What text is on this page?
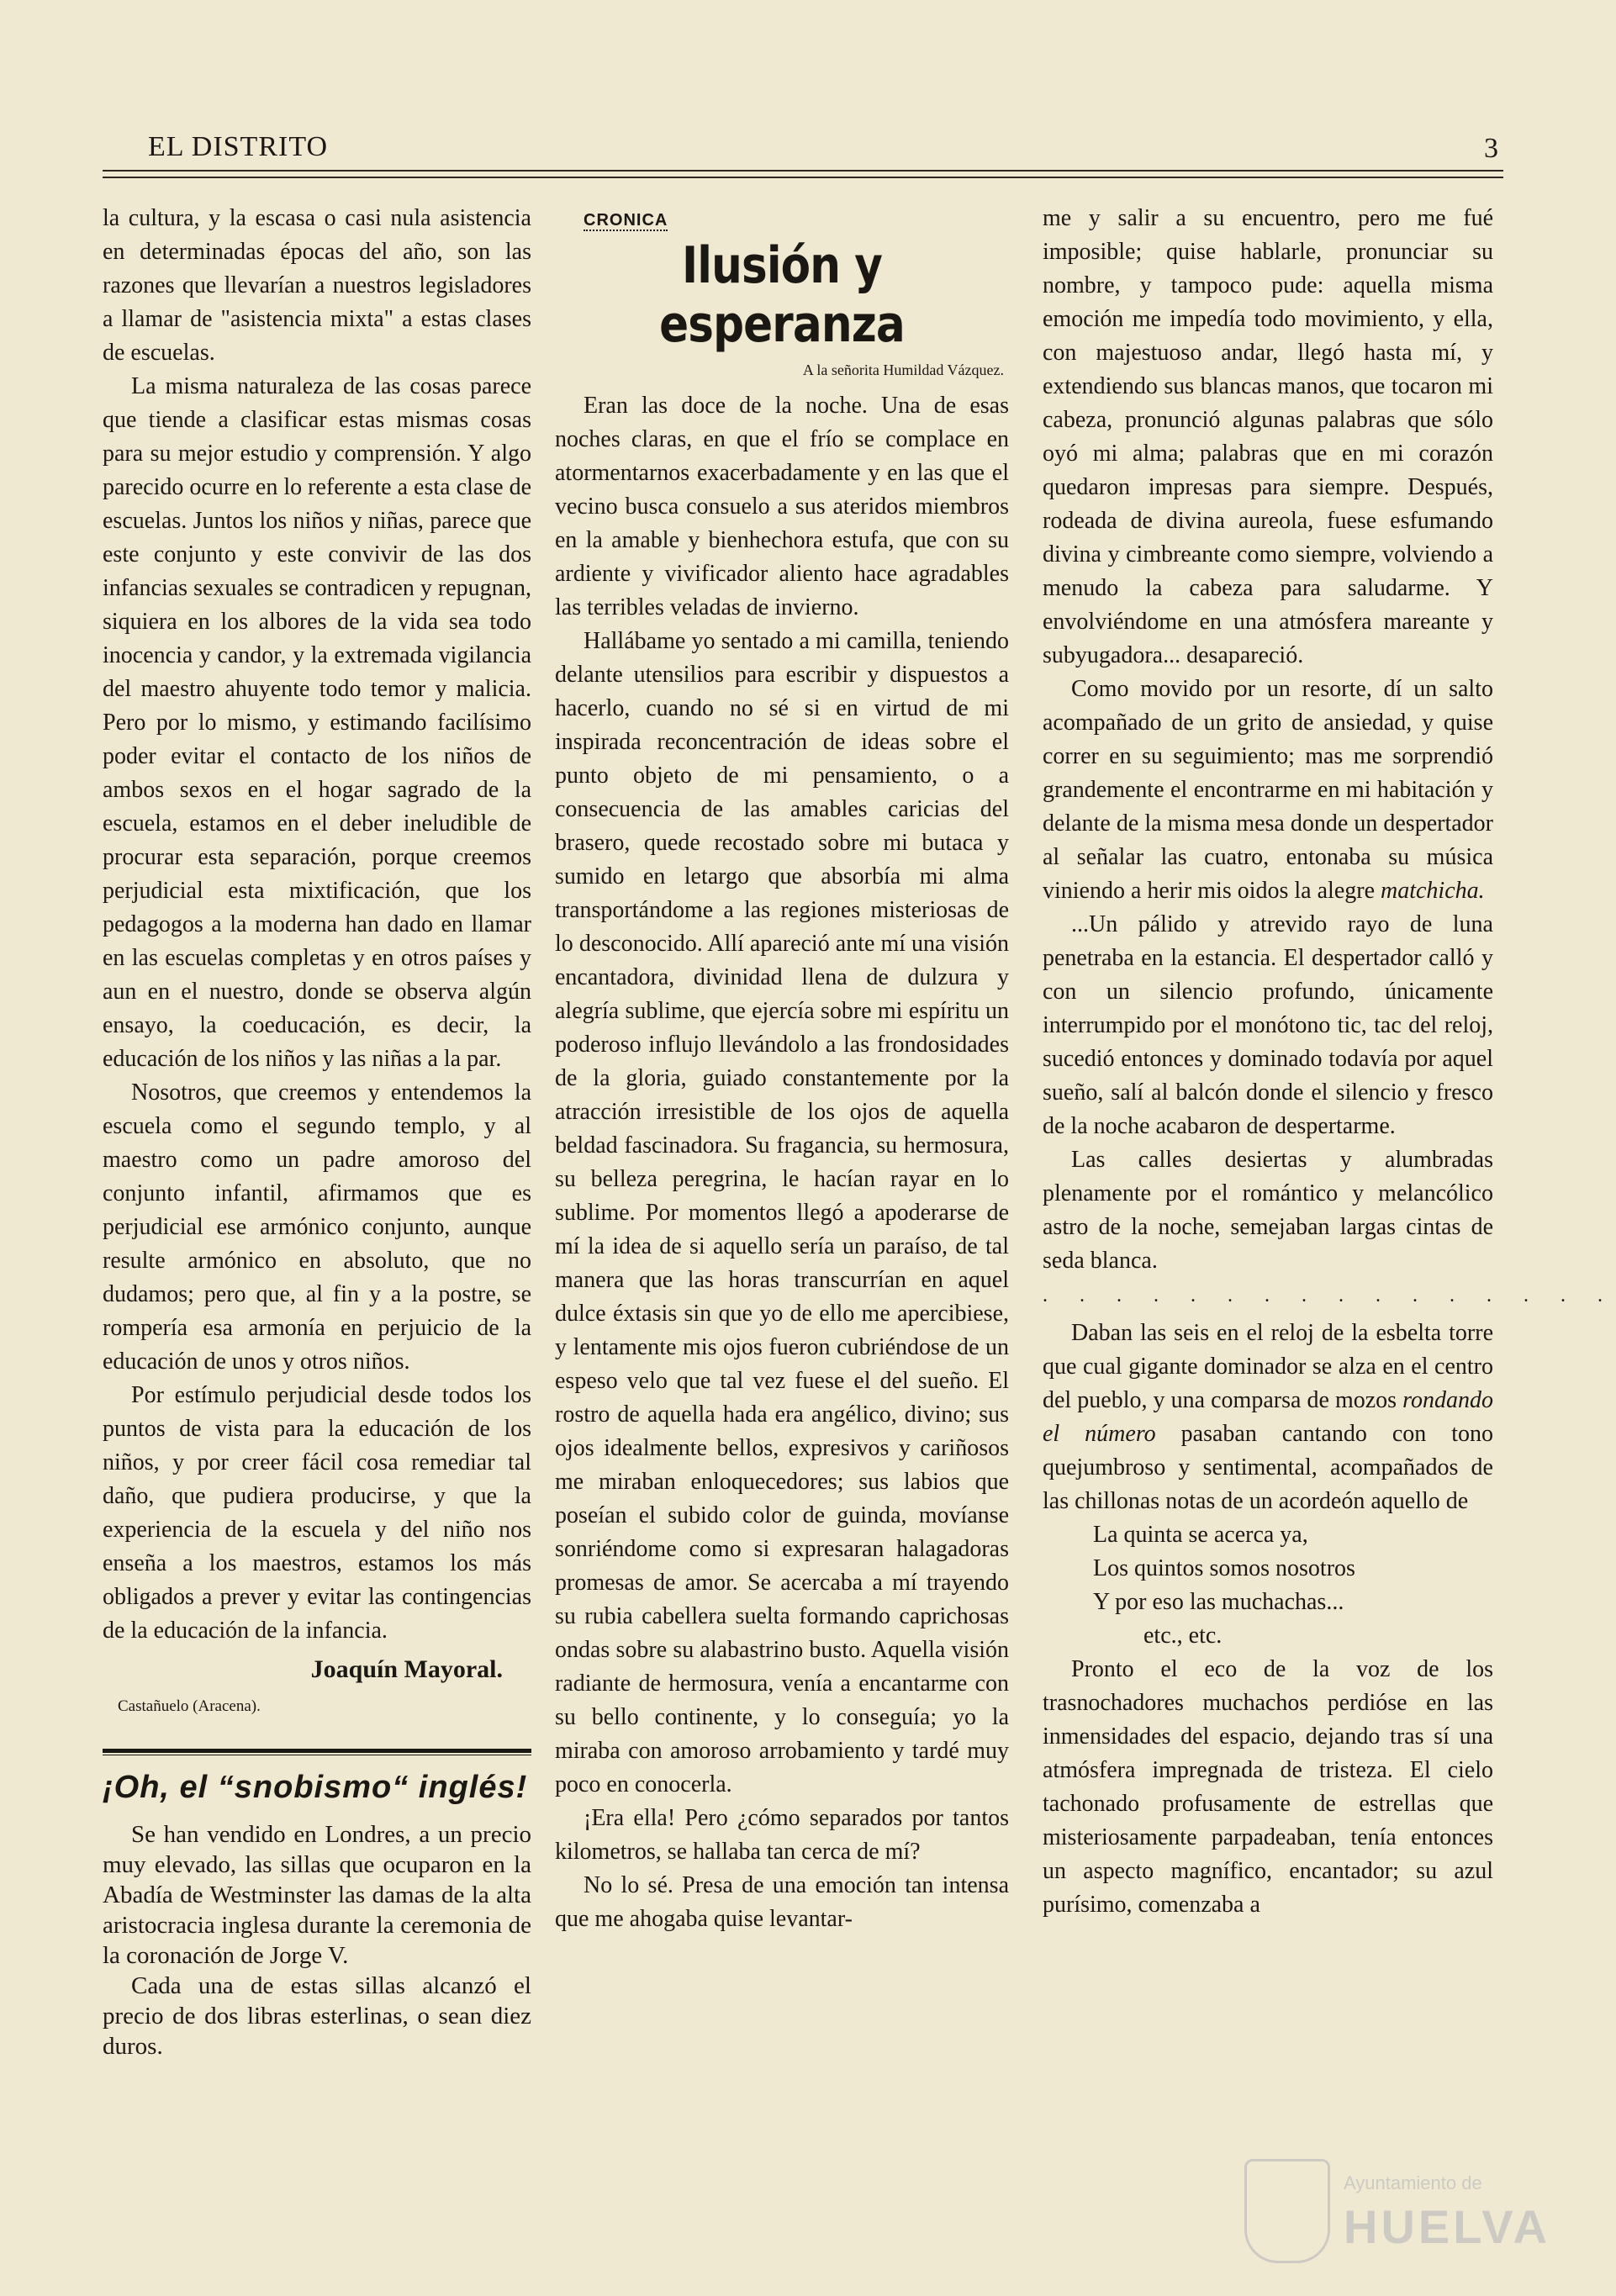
EL DISTRITO	3

la cultura, y la escasa o casi nula asistencia en determinadas épocas del año, son las razones que llevarían a nuestros legisladores a llamar de "asistencia mixta" a estas clases de escuelas.

La misma naturaleza de las cosas parece que tiende a clasificar estas mismas cosas para su mejor estudio y comprensión. Y algo parecido ocurre en lo referente a esta clase de escuelas. Juntos los niños y niñas, parece que este conjunto y este convivir de las dos infancias sexuales se contradicen y repugnan, siquiera en los albores de la vida sea todo inocencia y candor, y la extremada vigilancia del maestro ahuyente todo temor y malicia. Pero por lo mismo, y estimando facilísimo poder evitar el contacto de los niños de ambos sexos en el hogar sagrado de la escuela, estamos en el deber ineludible de procurar esta separación, porque creemos perjudicial esta mixtificación, que los pedagogos a la moderna han dado en llamar en las escuelas completas y en otros países y aun en el nuestro, donde se observa algún ensayo, la coeducación, es decir, la educación de los niños y las niñas a la par.

Nosotros, que creemos y entendemos la escuela como el segundo templo, y al maestro como un padre amoroso del conjunto infantil, afirmamos que es perjudicial ese armónico conjunto, aunque resulte armónico en absoluto, que no dudamos; pero que, al fin y a la postre, se rompería esa armonía en perjuicio de la educación de unos y otros niños.

Por estímulo perjudicial desde todos los puntos de vista para la educación de los niños, y por creer fácil cosa remediar tal daño, que pudiera producirse, y que la experiencia de la escuela y del niño nos enseña a los maestros, estamos los más obligados a prever y evitar las contingencias de la educación de la infancia.

Joaquín Mayoral.
Castañuelo (Aracena).
¡Oh, el “snobismo“ inglés!

Se han vendido en Londres, a un precio muy elevado, las sillas que ocuparon en la Abadía de Westminster las damas de la alta aristocracia inglesa durante la ceremonia de la coronación de Jorge V.

Cada una de estas sillas alcanzó el precio de dos libras esterlinas, o sean diez duros.

CRONICA
Ilusión y esperanza
A la señorita Humildad Vázquez.

Eran las doce de la noche. Una de esas noches claras, en que el frío se complace en atormentarnos exacerbadamente y en las que el vecino busca consuelo a sus ateridos miembros en la amable y bienhechora estufa, que con su ardiente y vivificador aliento hace agradables las terribles veladas de invierno.

Hallábame yo sentado a mi camilla, teniendo delante utensilios para escribir y dispuestos a hacerlo, cuando no sé si en virtud de mi inspirada reconcentración de ideas sobre el punto objeto de mi pensamiento, o a consecuencia de las amables caricias del brasero, quede recostado sobre mi butaca y sumido en letargo que absorbía mi alma transportándome a las regiones misteriosas de lo desconocido. Allí apareció ante mí una visión encantadora, divinidad llena de dulzura y alegría sublime, que ejercía sobre mi espíritu un poderoso influjo llevándolo a las frondosidades de la gloria, guiado constantemente por la atracción irresistible de los ojos de aquella beldad fascinadora. Su fragancia, su hermosura, su belleza peregrina, le hacían rayar en lo sublime. Por momentos llegó a apoderarse de mí la idea de si aquello sería un paraíso, de tal manera que las horas transcurrían en aquel dulce éxtasis sin que yo de ello me apercibiese, y lentamente mis ojos fueron cubriéndose de un espeso velo que tal vez fuese el del sueño. El rostro de aquella hada era angélico, divino; sus ojos idealmente bellos, expresivos y cariñosos me miraban enloquecedores; sus labios que poseían el subido color de guinda, movíanse sonriéndome como si expresaran halagadoras promesas de amor. Se acercaba a mí trayendo su rubia cabellera suelta formando caprichosas ondas sobre su alabastrino busto. Aquella visión radiante de hermosura, venía a encantarme con su bello continente, y lo conseguía; yo la miraba con amoroso arrobamiento y tardé muy poco en conocerla.

¡Era ella! Pero ¿cómo separados por tantos kilometros, se hallaba tan cerca de mí?

No lo sé. Presa de una emoción tan intensa que me ahogaba quise levantar-

me y salir a su encuentro, pero me fué imposible; quise hablarle, pronunciar su nombre, y tampoco pude: aquella misma emoción me impedía todo movimiento, y ella, con majestuoso andar, llegó hasta mí, y extendiendo sus blancas manos, que tocaron mi cabeza, pronunció algunas palabras que sólo oyó mi alma; palabras que en mi corazón quedaron impresas para siempre. Después, rodeada de divina aureola, fuese esfumando divina y cimbreante como siempre, volviendo a menudo la cabeza para saludarme. Y envolviéndome en una atmósfera mareante y subyugadora... desapareció.

Como movido por un resorte, dí un salto acompañado de un grito de ansiedad, y quise correr en su seguimiento; mas me sorprendió grandemente el encontrarme en mi habitación y delante de la misma mesa donde un despertador al señalar las cuatro, entonaba su música viniendo a herir mis oidos la alegre matchicha.

...Un pálido y atrevido rayo de luna penetraba en la estancia. El despertador calló y con un silencio profundo, únicamente interrumpido por el monótono tic, tac del reloj, sucedió entonces y dominado todavía por aquel sueño, salí al balcón donde el silencio y fresco de la noche acabaron de despertarme.

Las calles desiertas y alumbradas plenamente por el romántico y melancólico astro de la noche, semejaban largas cintas de seda blanca.

. . . . . . . . . . . . . . . .

Daban las seis en el reloj de la esbelta torre que cual gigante dominador se alza en el centro del pueblo, y una comparsa de mozos rondando el número pasaban cantando con tono quejumbroso y sentimental, acompañados de las chillonas notas de un acordeón aquello de

La quinta se acerca ya,
Los quintos somos nosotros
Y por eso las muchachas...
etc., etc.

Pronto el eco de la voz de los trasnochadores muchachos perdióse en las inmensidades del espacio, dejando tras sí una atmósfera impregnada de tristeza. El cielo tachonado profusamente de estrellas que misteriosamente parpadeaban, tenía entonces un aspecto magnífico, encantador; su azul purísimo, comenzaba a

Ayuntamiento de
HUELVA
